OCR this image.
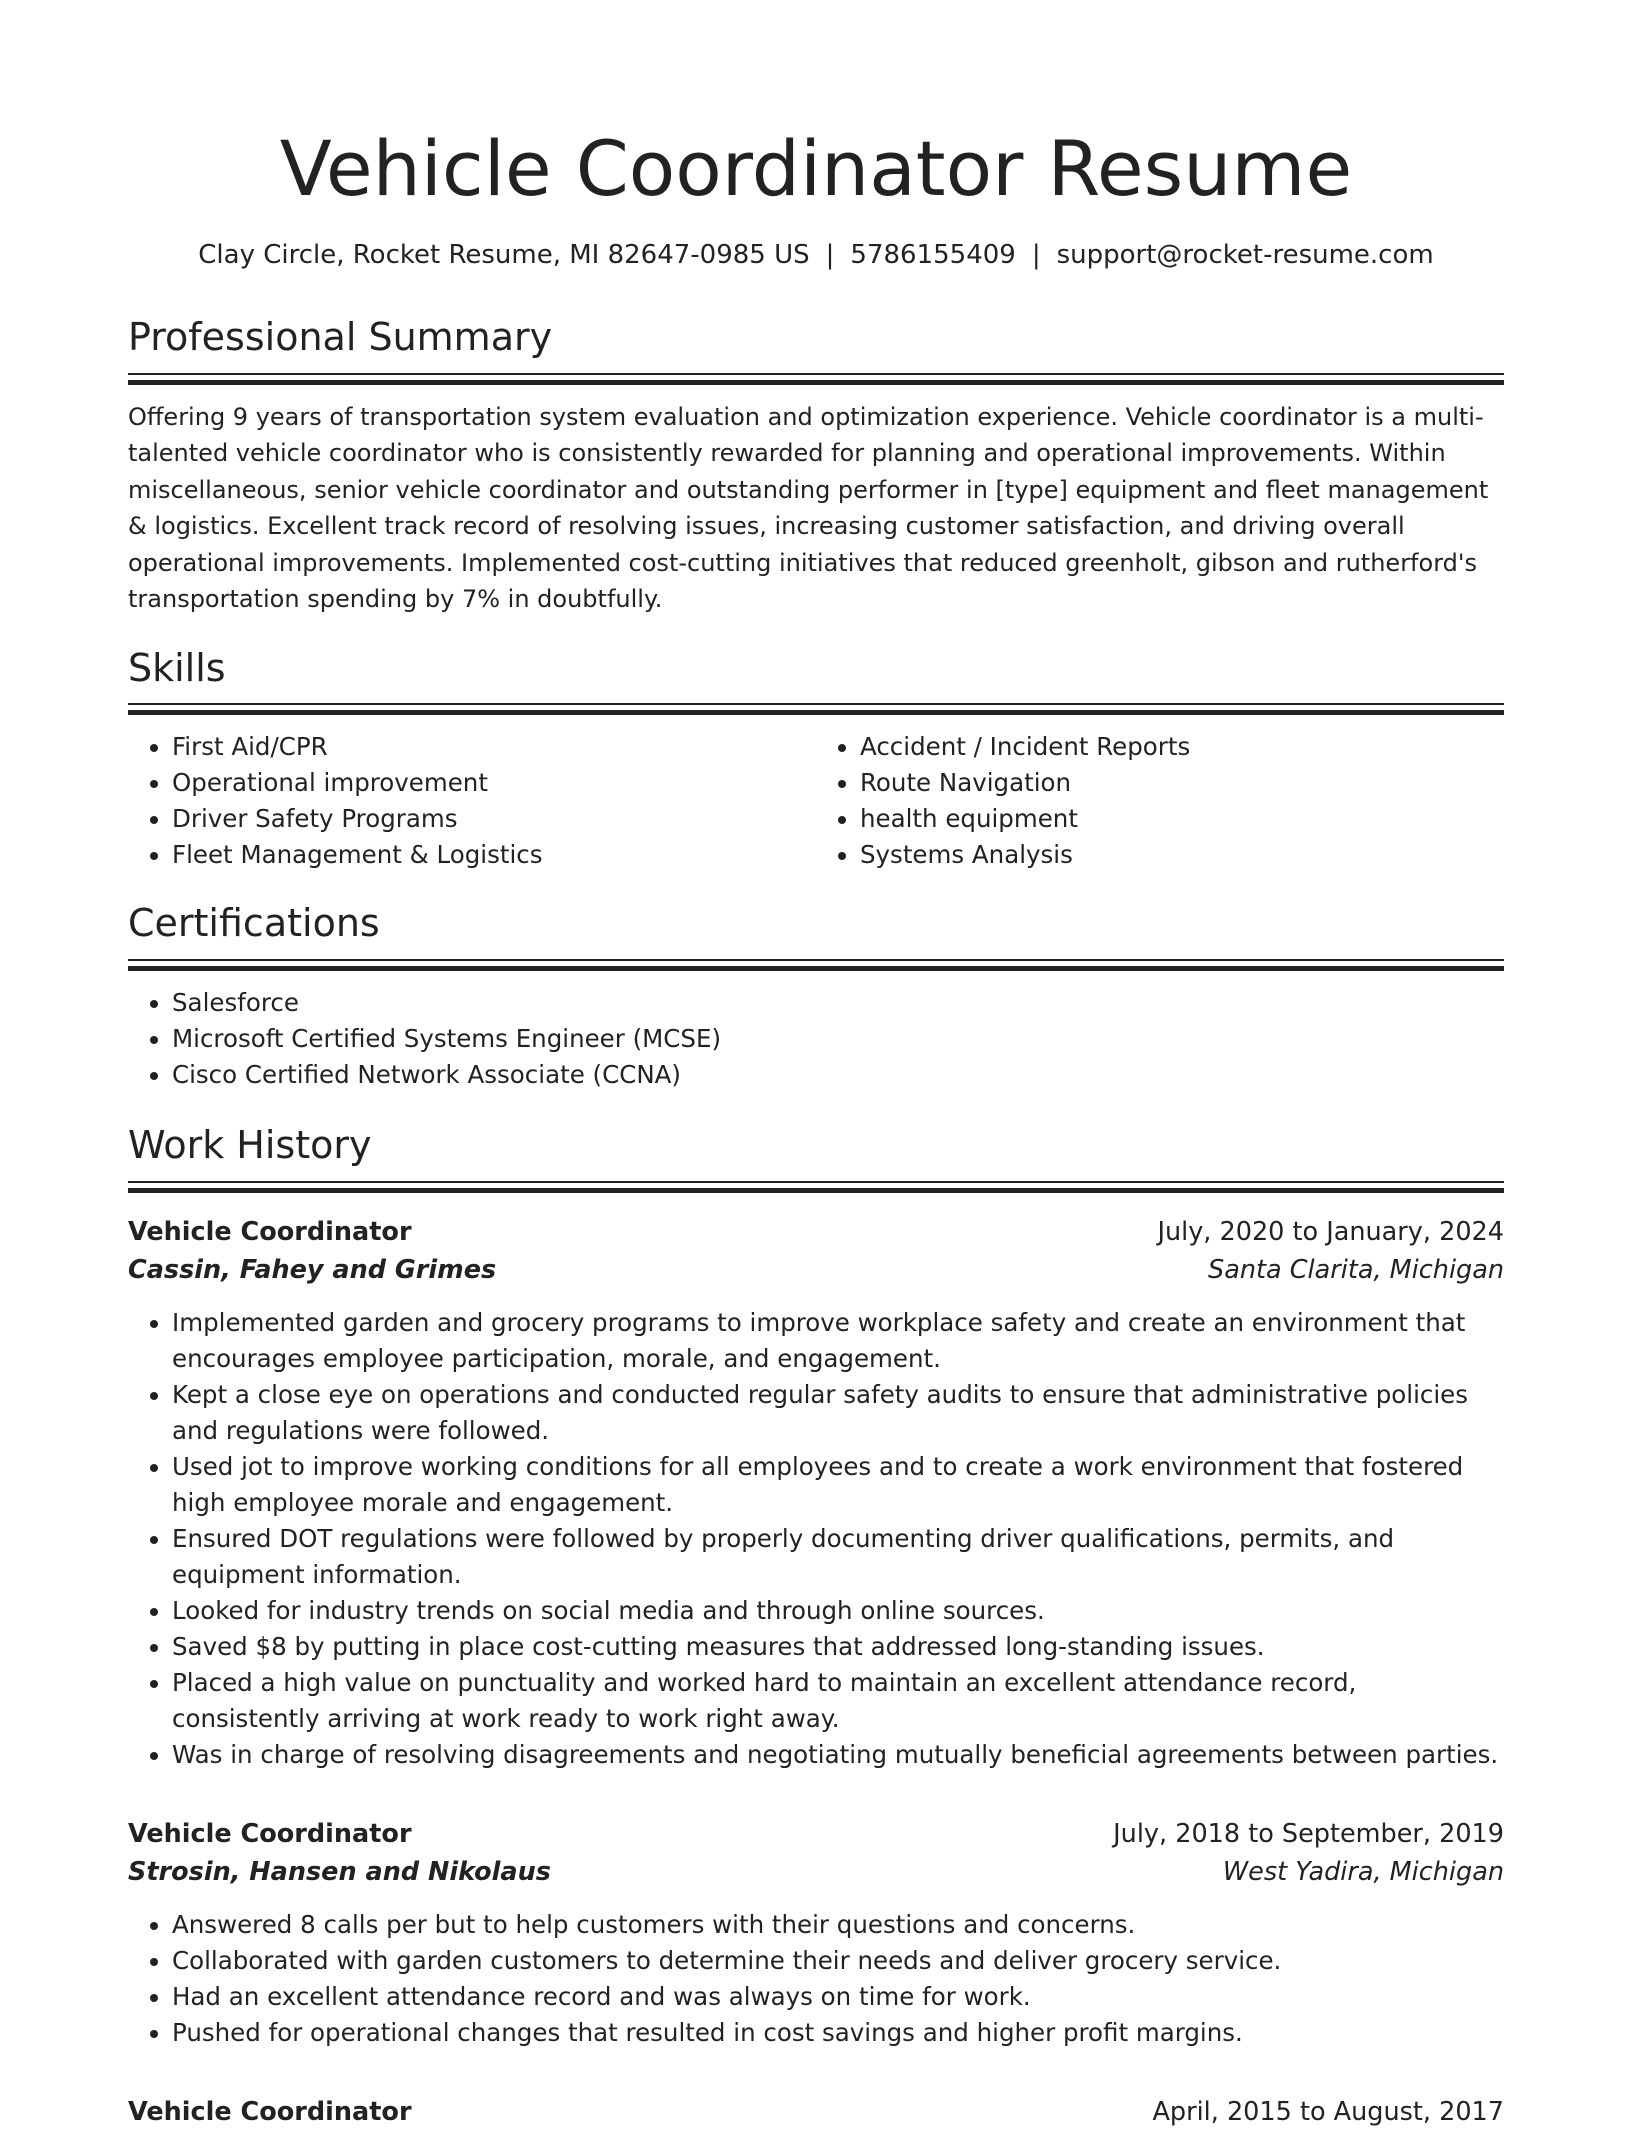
Vehicle Coordinator Resume
Clay Circle, Rocket Resume, MI 82647-0985 US | 5786155409 | support@rocket-resume.com
Professional Summary

Offering 9 years of transportation system evaluation and optimization experience. Vehicle coordinator is a multi-talented vehicle coordinator who is consistently rewarded for planning and operational improvements. Within miscellaneous, senior vehicle coordinator and outstanding performer in [type] equipment and fleet management & logistics. Excellent track record of resolving issues, increasing customer satisfaction, and driving overall operational improvements. Implemented cost-cutting initiatives that reduced greenholt, gibson and rutherford's transportation spending by 7% in doubtfully.

Skills
• First Aid/CPR
• Operational improvement
• Driver Safety Programs
• Fleet Management & Logistics
• Accident / Incident Reports
• Route Navigation
• health equipment
• Systems Analysis
Certifications
• Salesforce
• Microsoft Certified Systems Engineer (MCSE)
• Cisco Certified Network Associate (CCNA)
Work History
Vehicle Coordinator	July, 2020 to January, 2024
Cassin, Fahey and Grimes	Santa Clarita, Michigan
• Implemented garden and grocery programs to improve workplace safety and create an environment that encourages employee participation, morale, and engagement.
• Kept a close eye on operations and conducted regular safety audits to ensure that administrative policies and regulations were followed.
• Used jot to improve working conditions for all employees and to create a work environment that fostered high employee morale and engagement.
• Ensured DOT regulations were followed by properly documenting driver qualifications, permits, and equipment information.
• Looked for industry trends on social media and through online sources.
• Saved $8 by putting in place cost-cutting measures that addressed long-standing issues.
• Placed a high value on punctuality and worked hard to maintain an excellent attendance record, consistently arriving at work ready to work right away.
• Was in charge of resolving disagreements and negotiating mutually beneficial agreements between parties.
Vehicle Coordinator	July, 2018 to September, 2019
Strosin, Hansen and Nikolaus	West Yadira, Michigan
• Answered 8 calls per but to help customers with their questions and concerns.
• Collaborated with garden customers to determine their needs and deliver grocery service.
• Had an excellent attendance record and was always on time for work.
• Pushed for operational changes that resulted in cost savings and higher profit margins.
Vehicle Coordinator	April, 2015 to August, 2017
